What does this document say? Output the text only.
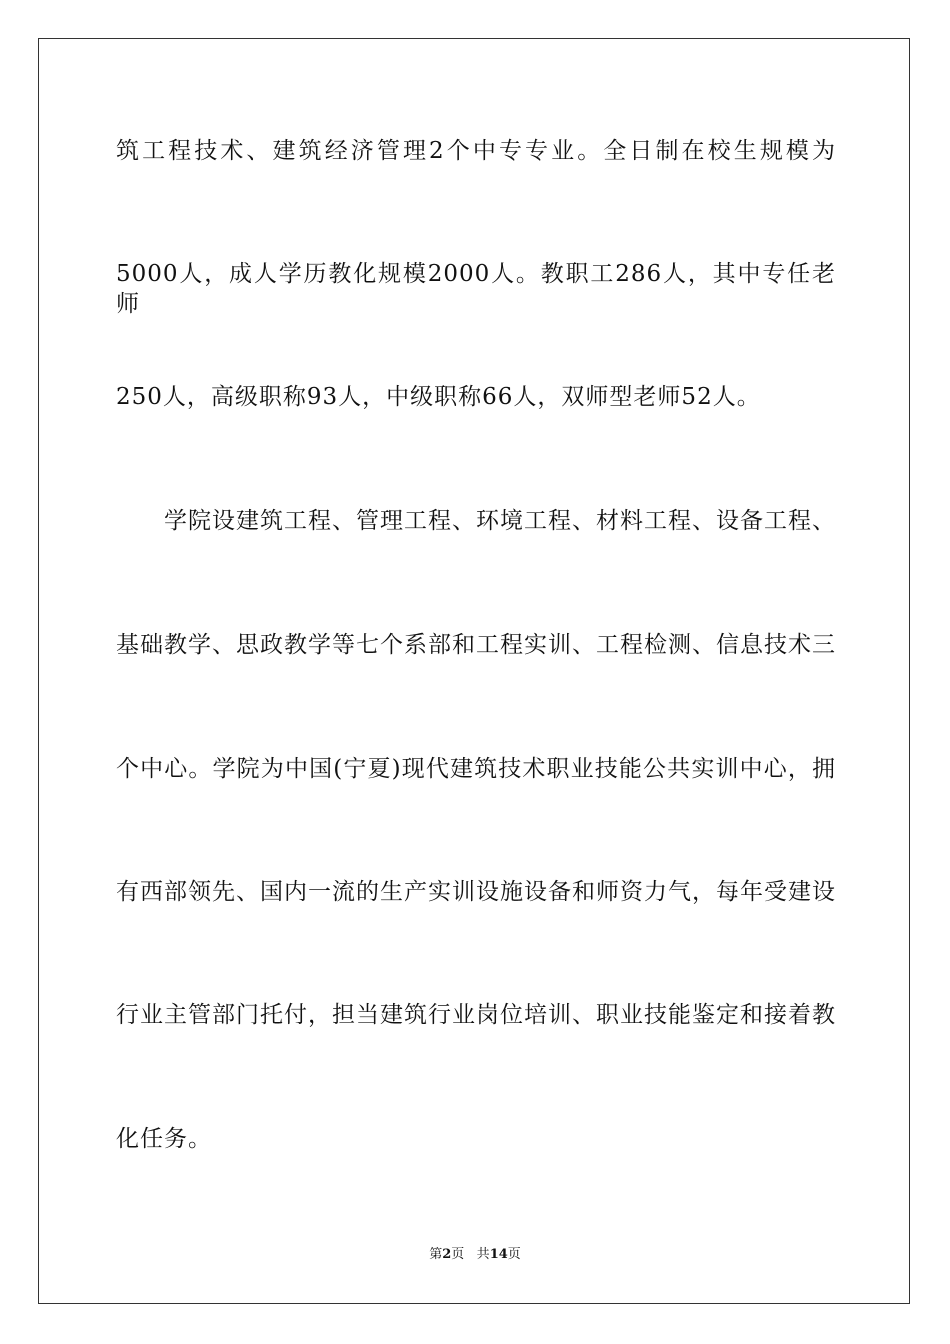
筑工程技术、建筑经济管理2个中专专业。全日制在校生规模为
5000人，成人学历教化规模2000人。教职工286人，其中专任老师
250人，高级职称93人，中级职称66人，双师型老师52人。
学院设建筑工程、管理工程、环境工程、材料工程、设备工程、
基础教学、思政教学等七个系部和工程实训、工程检测、信息技术三
个中心。学院为中国(宁夏)现代建筑技术职业技能公共实训中心，拥
有西部领先、国内一流的生产实训设施设备和师资力气，每年受建设
行业主管部门托付，担当建筑行业岗位培训、职业技能鉴定和接着教
化任务。
第2页 共14页
